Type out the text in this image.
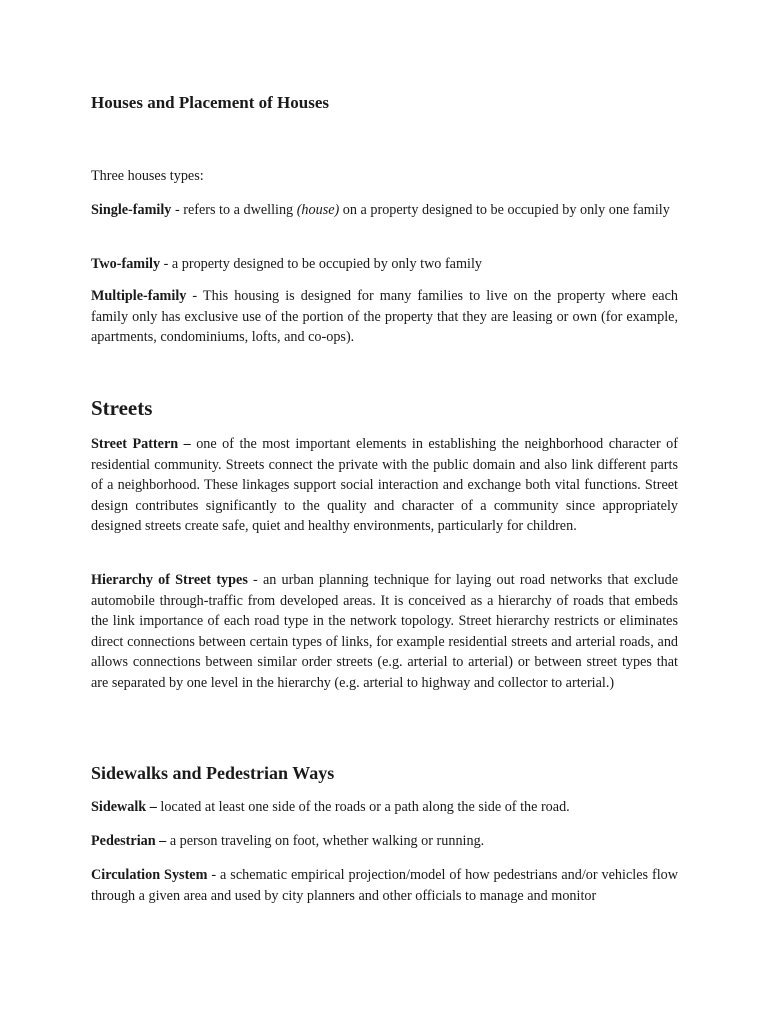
Houses and Placement of Houses

Three houses types:

Single-family - refers to a dwelling (house) on a property designed to be occupied by only one family

Two-family - a property designed to be occupied by only two family

Multiple-family - This housing is designed for many families to live on the property where each family only has exclusive use of the portion of the property that they are leasing or own (for example, apartments, condominiums, lofts, and co-ops).

Streets

Street Pattern – one of the most important elements in establishing the neighborhood character of residential community. Streets connect the private with the public domain and also link different parts of a neighborhood. These linkages support social interaction and exchange both vital functions. Street design contributes significantly to the quality and character of a community since appropriately designed streets create safe, quiet and healthy environments, particularly for children.

Hierarchy of Street types - an urban planning technique for laying out road networks that exclude automobile through-traffic from developed areas. It is conceived as a hierarchy of roads that embeds the link importance of each road type in the network topology. Street hierarchy restricts or eliminates direct connections between certain types of links, for example residential streets and arterial roads, and allows connections between similar order streets (e.g. arterial to arterial) or between street types that are separated by one level in the hierarchy (e.g. arterial to highway and collector to arterial.)

Sidewalks and Pedestrian Ways

Sidewalk – located at least one side of the roads or a path along the side of the road.

Pedestrian – a person traveling on foot, whether walking or running.

Circulation System - a schematic empirical projection/model of how pedestrians and/or vehicles flow through a given area and used by city planners and other officials to manage and monitor
